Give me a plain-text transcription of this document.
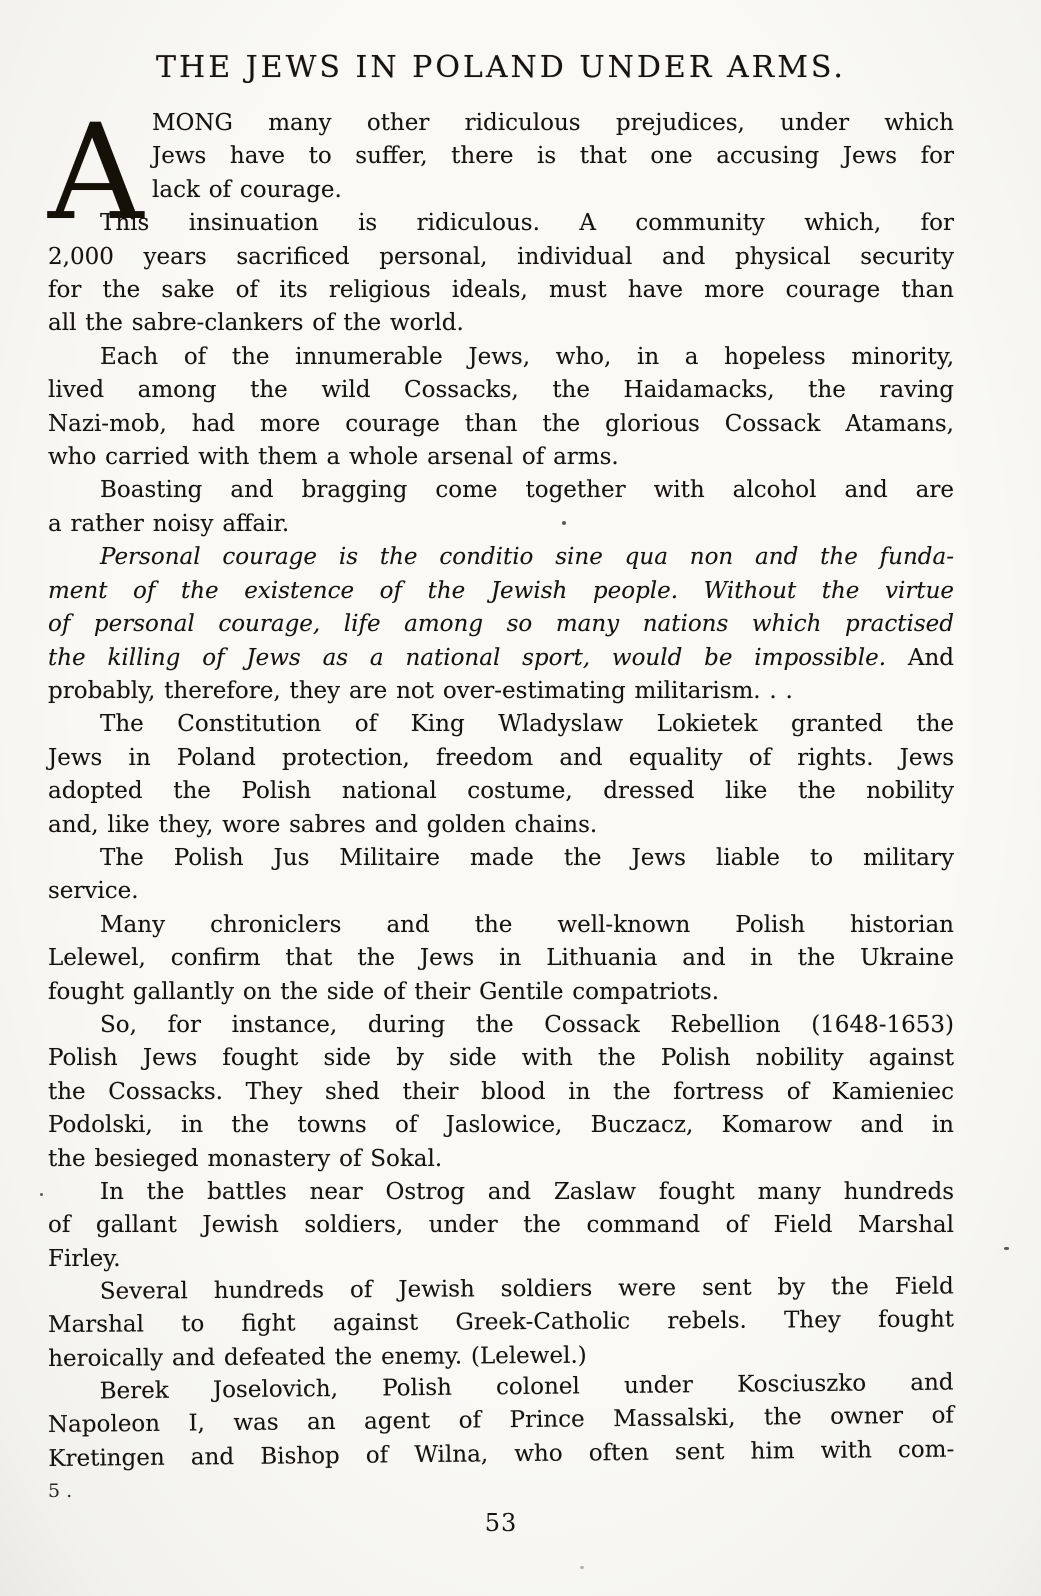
THE JEWS IN POLAND UNDER ARMS.
A MONG many other ridiculous prejudices, under which
Jews have to suffer, there is that one accusing Jews for
lack of courage.
This insinuation is ridiculous. A community which, for
2,000 years sacrificed personal, individual and physical security
for the sake of its religious ideals, must have more courage than
all the sabre-clankers of the world.
Each of the innumerable Jews, who, in a hopeless minority,
lived among the wild Cossacks, the Haidamacks, the raving
Nazi-mob, had more courage than the glorious Cossack Atamans,
who carried with them a whole arsenal of arms.
Boasting and bragging come together with alcohol and are
a rather noisy affair.
Personal courage is the conditio sine qua non and the funda-
ment of the existence of the Jewish people. Without the virtue
of personal courage, life among so many nations which practised
the killing of Jews as a national sport, would be impossible. And
probably, therefore, they are not over-estimating militarism. . .
The Constitution of King Wladyslaw Lokietek granted the
Jews in Poland protection, freedom and equality of rights. Jews
adopted the Polish national costume, dressed like the nobility
and, like they, wore sabres and golden chains.
The Polish Jus Militaire made the Jews liable to military
service.
Many chroniclers and the well-known Polish historian
Lelewel, confirm that the Jews in Lithuania and in the Ukraine
fought gallantly on the side of their Gentile compatriots.
So, for instance, during the Cossack Rebellion (1648-1653)
Polish Jews fought side by side with the Polish nobility against
the Cossacks. They shed their blood in the fortress of Kamieniec
Podolski, in the towns of Jaslowice, Buczacz, Komarow and in
the besieged monastery of Sokal.
In the battles near Ostrog and Zaslaw fought many hundreds
of gallant Jewish soldiers, under the command of Field Marshal
Firley.
Several hundreds of Jewish soldiers were sent by the Field
Marshal to fight against Greek-Catholic rebels. They fought
heroically and defeated the enemy. (Lelewel.)
Berek Joselovich, Polish colonel under Kosciuszko and
Napoleon I, was an agent of Prince Massalski, the owner of
Kretingen and Bishop of Wilna, who often sent him with com-
5 .
53
